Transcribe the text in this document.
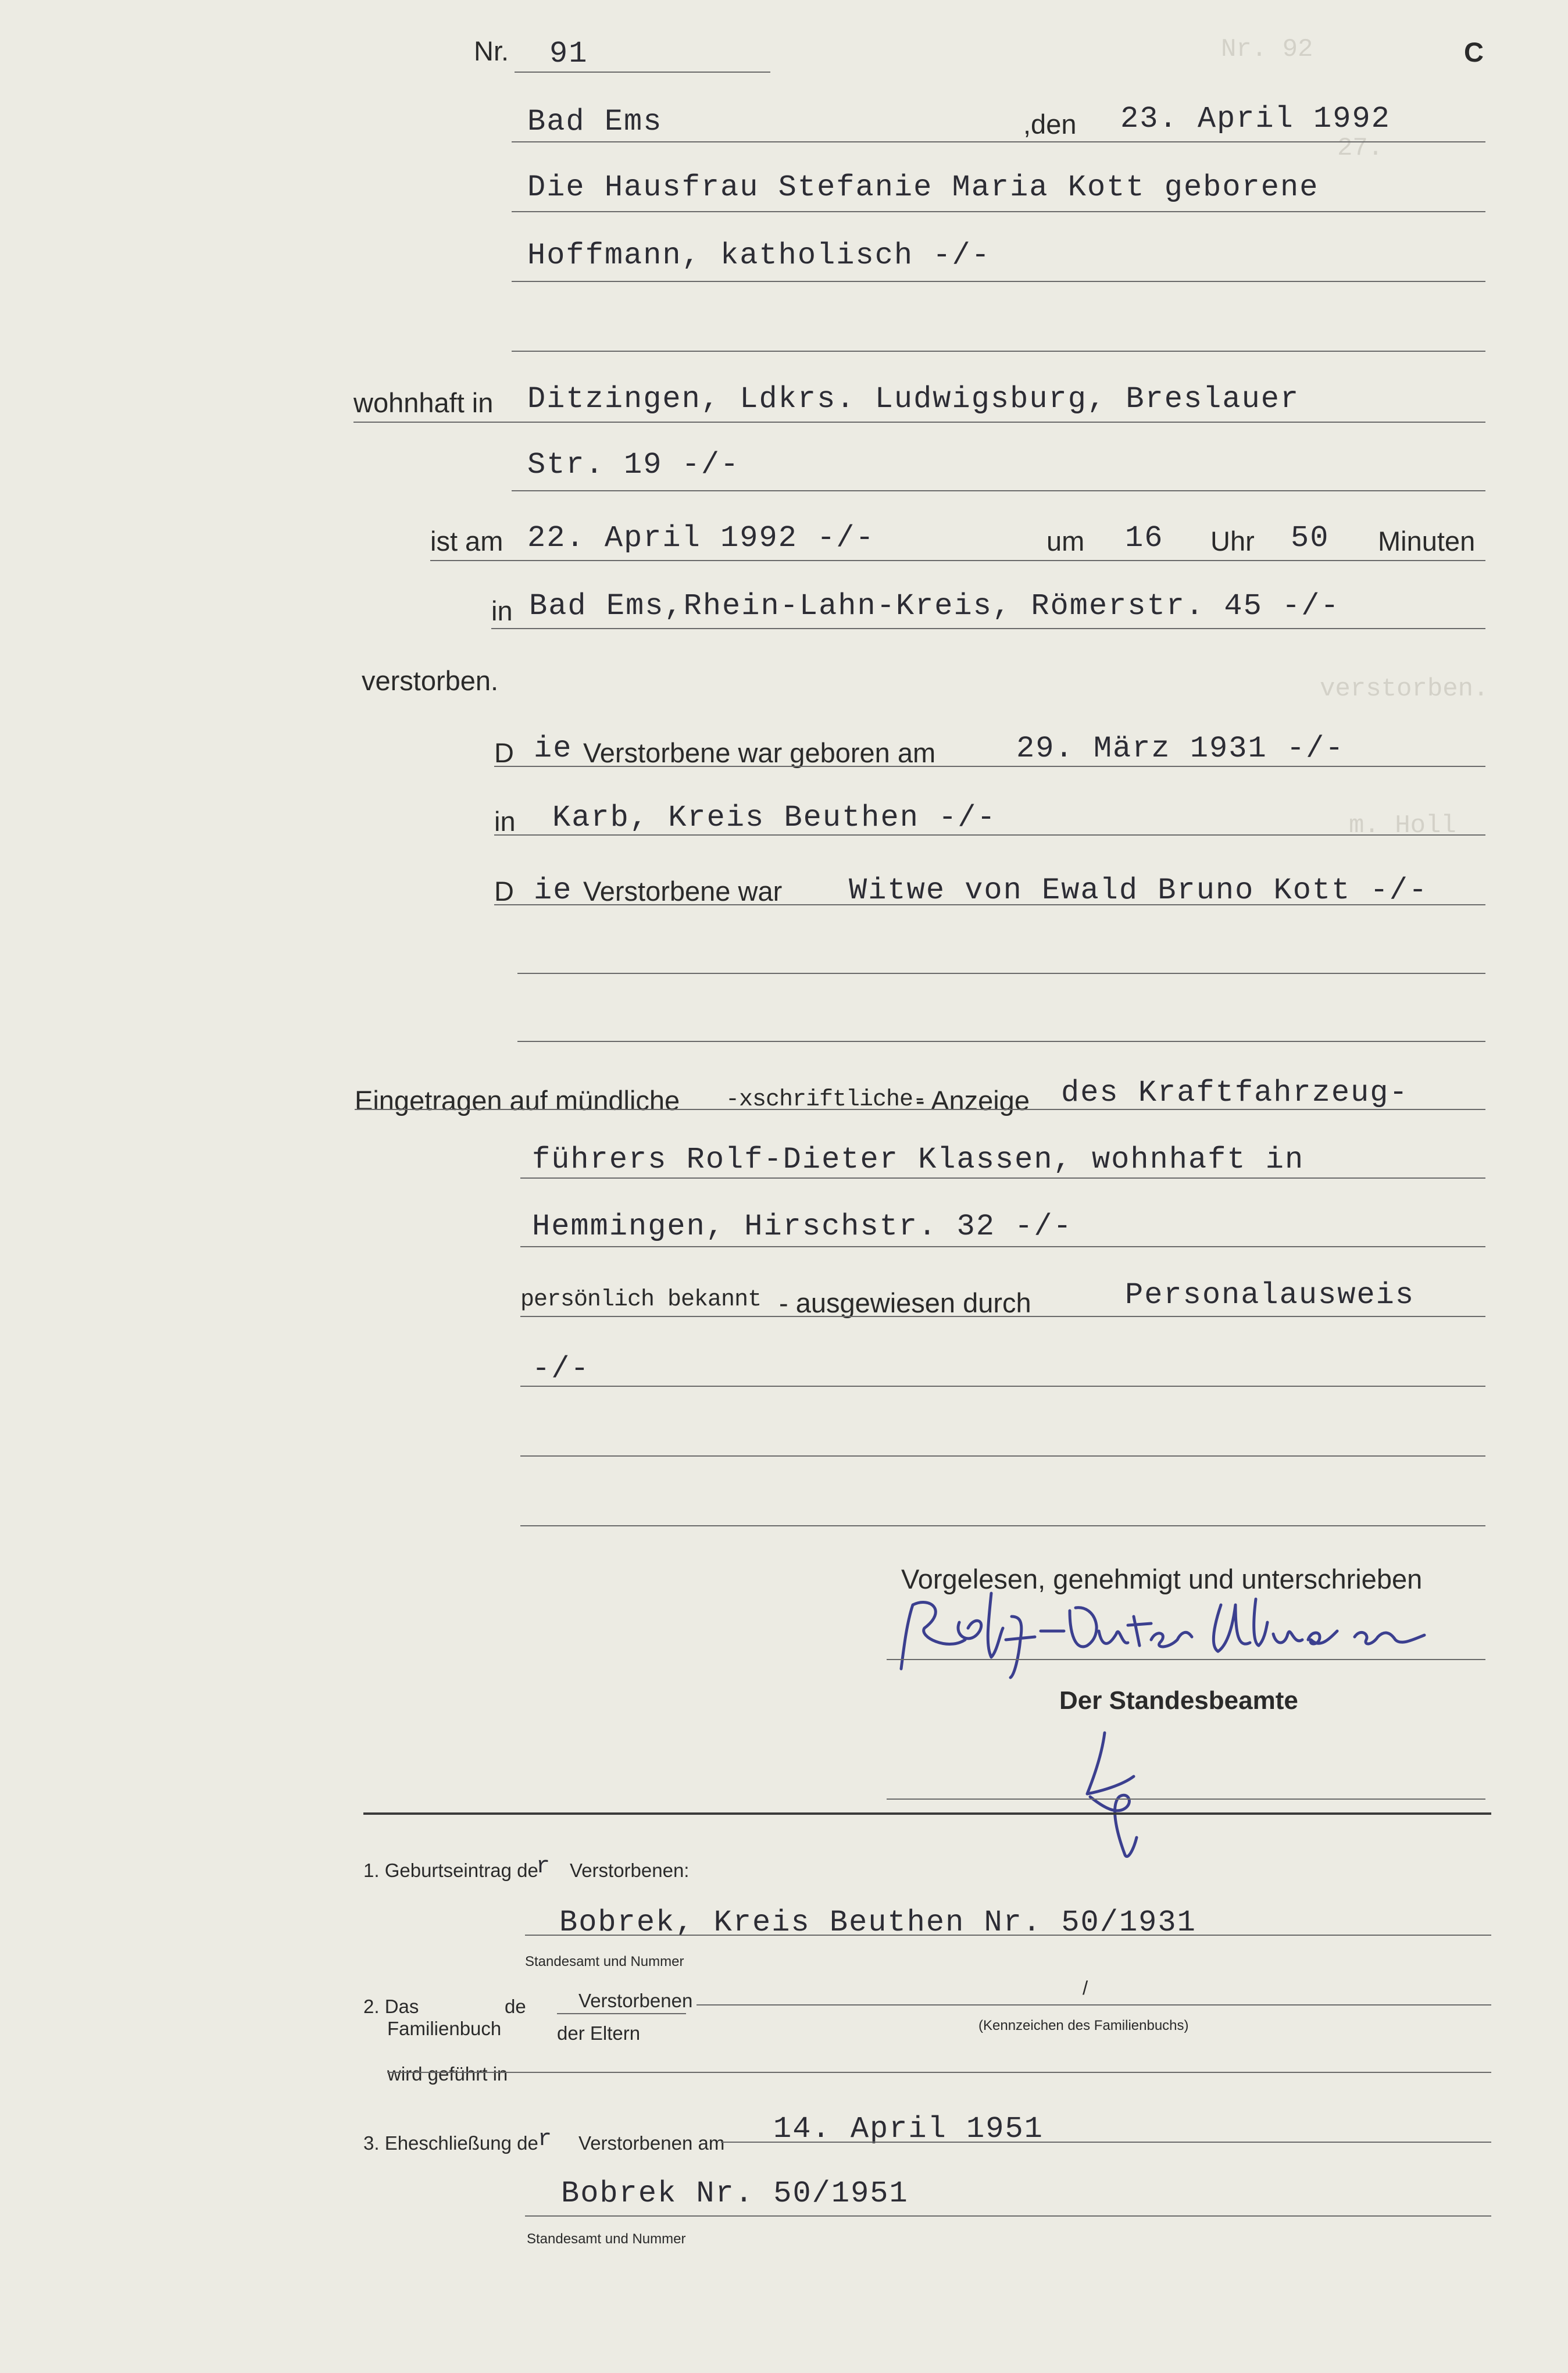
Nr. 92
27.
verstorben.
m. Holl
Nr. 91	C
Bad Ems	,den 23. April 1992
Die Hausfrau Stefanie Maria Kott geborene
Hoffmann, katholisch -/-
wohnhaft in Ditzingen, Ldkrs. Ludwigsburg, Breslauer
Str. 19 -/-
ist am 22. April 1992 -/-	um 16 Uhr 50 Minuten
in Bad Ems,Rhein-Lahn-Kreis, Römerstr. 45 -/-
verstorben.
D ie Verstorbene war geboren am	29. März 1931 -/-
in Karb, Kreis Beuthen -/-
D ie Verstorbene war Witwe von Ewald Bruno Kott -/-
Eingetragen auf mündliche -xschriftliche-
- Anzeige des Kraftfahrzeug-
führers Rolf-Dieter Klassen, wohnhaft in
Hemmingen, Hirschstr. 32 -/-
persönlich bekannt - ausgewiesen durch	Personalausweis
-/-
Vorgelesen, genehmigt und unterschrieben
Der Standesbeamte
1. Geburtseintrag de
r Verstorbenen:
Bobrek, Kreis Beuthen Nr. 50/1931
Standesamt und Nummer
2. Das
Familienbuch
de	Verstorbenen
der Eltern
/
(Kennzeichen des Familienbuchs)
wird geführt in
3. Eheschließung de r Verstorbenen am 14. April 1951
Bobrek Nr. 50/1951
Standesamt und Nummer
